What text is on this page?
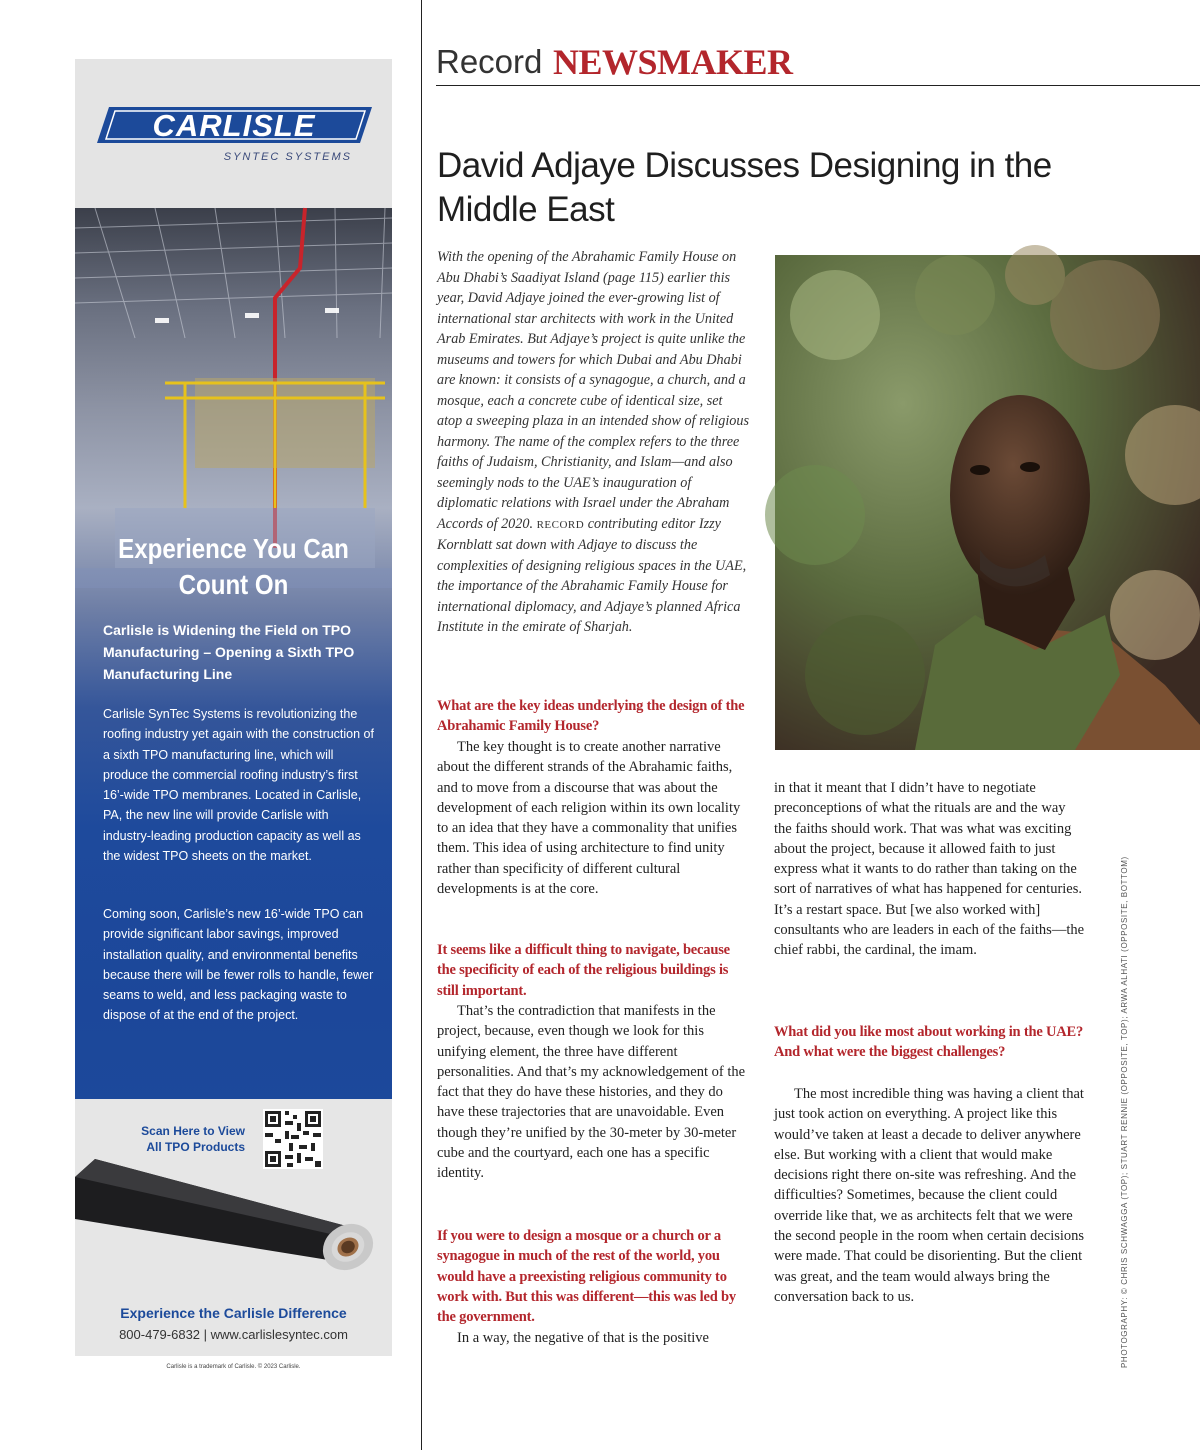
CARLISLE
SYNTEC SYSTEMS
Experience You Can Count On
Carlisle is Widening the Field on TPO Manufacturing – Opening a Sixth TPO Manufacturing Line
Carlisle SynTec Systems is revolutionizing the roofing industry yet again with the construction of a sixth TPO manufacturing line, which will produce the commercial roofing industry’s first 16’-wide TPO membranes. Located in Carlisle, PA, the new line will provide Carlisle with industry-leading production capacity as well as the widest TPO sheets on the market.
Coming soon, Carlisle’s new 16’-wide TPO can provide significant labor savings, improved installation quality, and environmental benefits because there will be fewer rolls to handle, fewer seams to weld, and less packaging waste to dispose of at the end of the project.
Scan Here to View All TPO Products
Experience the Carlisle Difference
800-479-6832 | www.carlislesyntec.com
Carlisle is a trademark of Carlisle. © 2023 Carlisle.
Record NEWSMAKER
David Adjaye Discusses Designing in the Middle East
With the opening of the Abrahamic Family House on Abu Dhabi’s Saadiyat Island (page 115) earlier this year, David Adjaye joined the ever-growing list of international star architects with work in the United Arab Emirates. But Adjaye’s project is quite unlike the museums and towers for which Dubai and Abu Dhabi are known: it consists of a synagogue, a church, and a mosque, each a concrete cube of identical size, set atop a sweeping plaza in an intended show of religious harmony. The name of the complex refers to the three faiths of Judaism, Christianity, and Islam—and also seemingly nods to the UAE’s inauguration of diplomatic relations with Israel under the Abraham Accords of 2020. RECORD contributing editor Izzy Kornblatt sat down with Adjaye to discuss the complexities of designing religious spaces in the UAE, the importance of the Abrahamic Family House for international diplomacy, and Adjaye’s planned Africa Institute in the emirate of Sharjah.
What are the key ideas underlying the design of the Abrahamic Family House?

The key thought is to create another narrative about the different strands of the Abrahamic faiths, and to move from a discourse that was about the development of each religion within its own locality to an idea that they have a commonality that unifies them. This idea of using architecture to find unity rather than specificity of different cultural developments is at the core.

It seems like a difficult thing to navigate, because the specificity of each of the religious buildings is still important.

That’s the contradiction that manifests in the project, because, even though we look for this unifying element, the three have different personalities. And that’s my acknowledgement of the fact that they do have these histories, and they do have these trajectories that are unavoidable. Even though they’re unified by the 30-meter by 30-meter cube and the courtyard, each one has a specific identity.

If you were to design a mosque or a church or a synagogue in much of the rest of the world, you would have a preexisting religious community to work with. But this was different—this was led by the government.

In a way, the negative of that is the positive

in that it meant that I didn’t have to negotiate preconceptions of what the rituals are and the way the faiths should work. That was what was exciting about the project, because it allowed faith to just express what it wants to do rather than taking on the sort of narratives of what has happened for centuries. It’s a restart space. But [we also worked with] consultants who are leaders in each of the faiths—the chief rabbi, the cardinal, the imam.

What did you like most about working in the UAE? And what were the biggest challenges?

The most incredible thing was having a client that just took action on everything. A project like this would’ve taken at least a decade to deliver anywhere else. But working with a client that would make decisions right there on-site was refreshing. And the difficulties? Sometimes, because the client could override like that, we as architects felt that we were the second people in the room when certain decisions were made. That could be disorienting. But the client was great, and the team would always bring the conversation back to us.	PHOTOGRAPHY: © CHRIS SCHWAGGA (TOP); STUART RENNIE (OPPOSITE, TOP); ARWA ALHATI (OPPOSITE, BOTTOM)
